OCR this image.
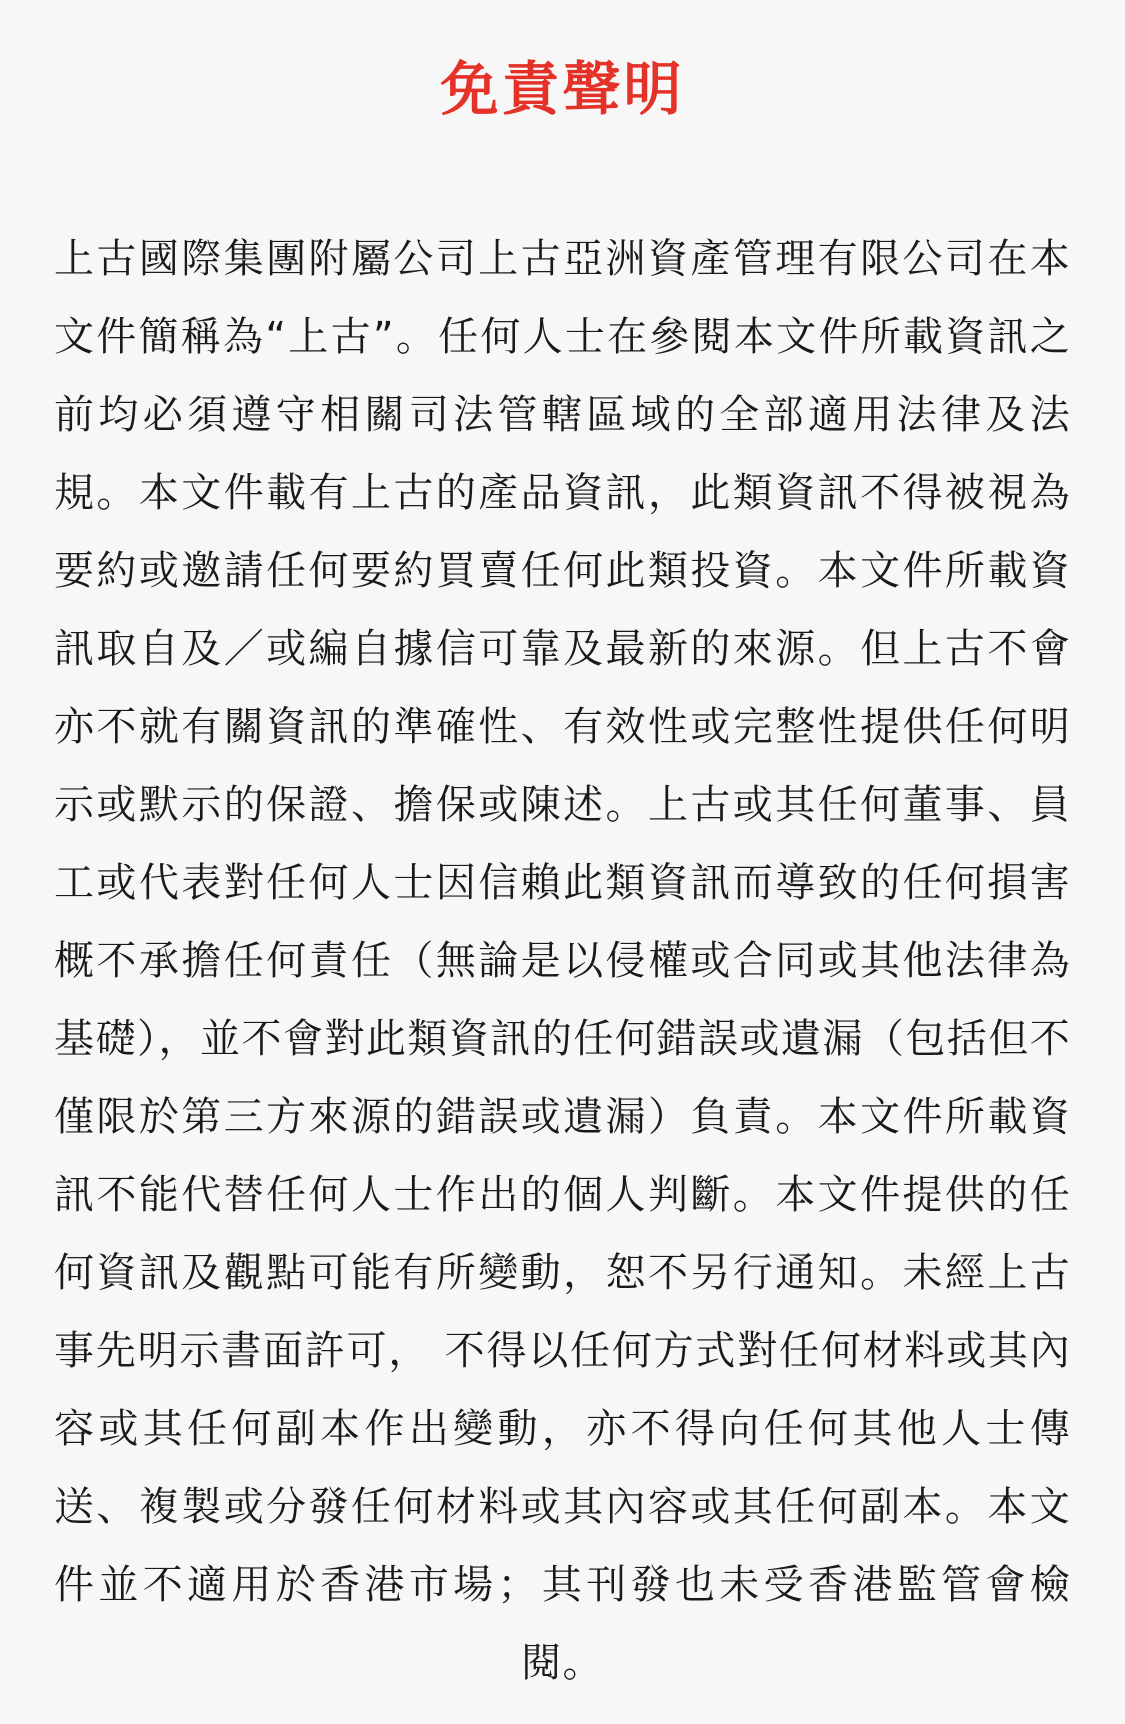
免責聲明

上古國際集團附屬公司上古亞洲資產管理有限公司在本文件簡稱為“上古”。任何人士在參閱本文件所載資訊之前均必須遵守相關司法管轄區域的全部適用法律及法規。本文件載有上古的產品資訊，此類資訊不得被視為要約或邀請任何要約買賣任何此類投資。本文件所載資訊取自及／或編自據信可靠及最新的來源。但上古不會亦不就有關資訊的準確性、有效性或完整性提供任何明示或默示的保證、擔保或陳述。上古或其任何董事、員工或代表對任何人士因信賴此類資訊而導致的任何損害概不承擔任何責任（無論是以侵權或合同或其他法律為基礎），並不會對此類資訊的任何錯誤或遺漏（包括但不僅限於第三方來源的錯誤或遺漏）負責。本文件所載資訊不能代替任何人士作出的個人判斷。本文件提供的任何資訊及觀點可能有所變動，恕不另行通知。未經上古事先明示書面許可， 不得以任何方式對任何材料或其內容或其任何副本作出變動，亦不得向任何其他人士傳送、複製或分發任何材料或其內容或其任何副本。本文件並不適用於香港市場；其刊發也未受香港監管會檢閱。
